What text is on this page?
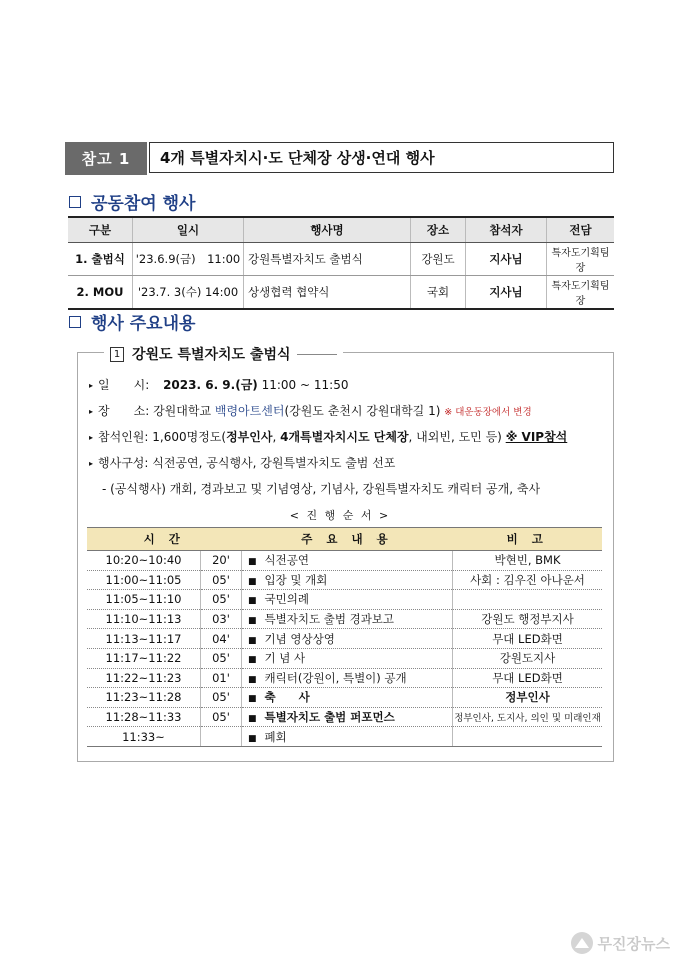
참고 1	4개 특별자치시·도 단체장 상생·연대 행사
공동참여 행사
구분	일시	행사명	장소	참석자	전담
1. 출범식	'23.6.9(금)　11:00	강원특별자치도 출범식	강원도	지사님	특자도기획팀장
2. MOU	'23.7. 3(수) 14:00	상생협력 협약식	국회	지사님	특자도기획팀장
행사 주요내용
1 강원도 특별자치도 출범식
▸ 일　　시: 2023. 6. 9.(금) 11:00 ~ 11:50
▸ 장　　소: 강원대학교 백령아트센터(강원도 춘천시 강원대학길 1) ※ 대운동장에서 변경
▸ 참석인원: 1,600명정도(정부인사, 4개특별자치시도 단체장, 내외빈, 도민 등) ※ VIP참석
▸ 행사구성: 식전공연, 공식행사, 강원특별자치도 출범 선포
- (공식행사) 개회, 경과보고 및 기념영상, 기념사, 강원특별자치도 캐릭터 공개, 축사
< 진 행 순 서 >
시 간		주 요 내 용	비 고
10:20~10:40	20'	■ 식전공연	박현빈, BMK
11:00~11:05	05'	■ 입장 및 개회	사회 : 김우진 아나운서
11:05~11:10	05'	■ 국민의례	
11:10~11:13	03'	■ 특별자치도 출범 경과보고	강원도 행정부지사
11:13~11:17	04'	■ 기념 영상상영	무대 LED화면
11:17~11:22	05'	■ 기 념 사	강원도지사
11:22~11:23	01'	■ 캐릭터(강원이, 특별이) 공개	무대 LED화면
11:23~11:28	05'	■ 축　　사	정부인사
11:28~11:33	05'	■ 특별자치도 출범 퍼포먼스	정부인사, 도지사, 의인 및 미래인재
11:33~		■ 폐회	
무진장뉴스
